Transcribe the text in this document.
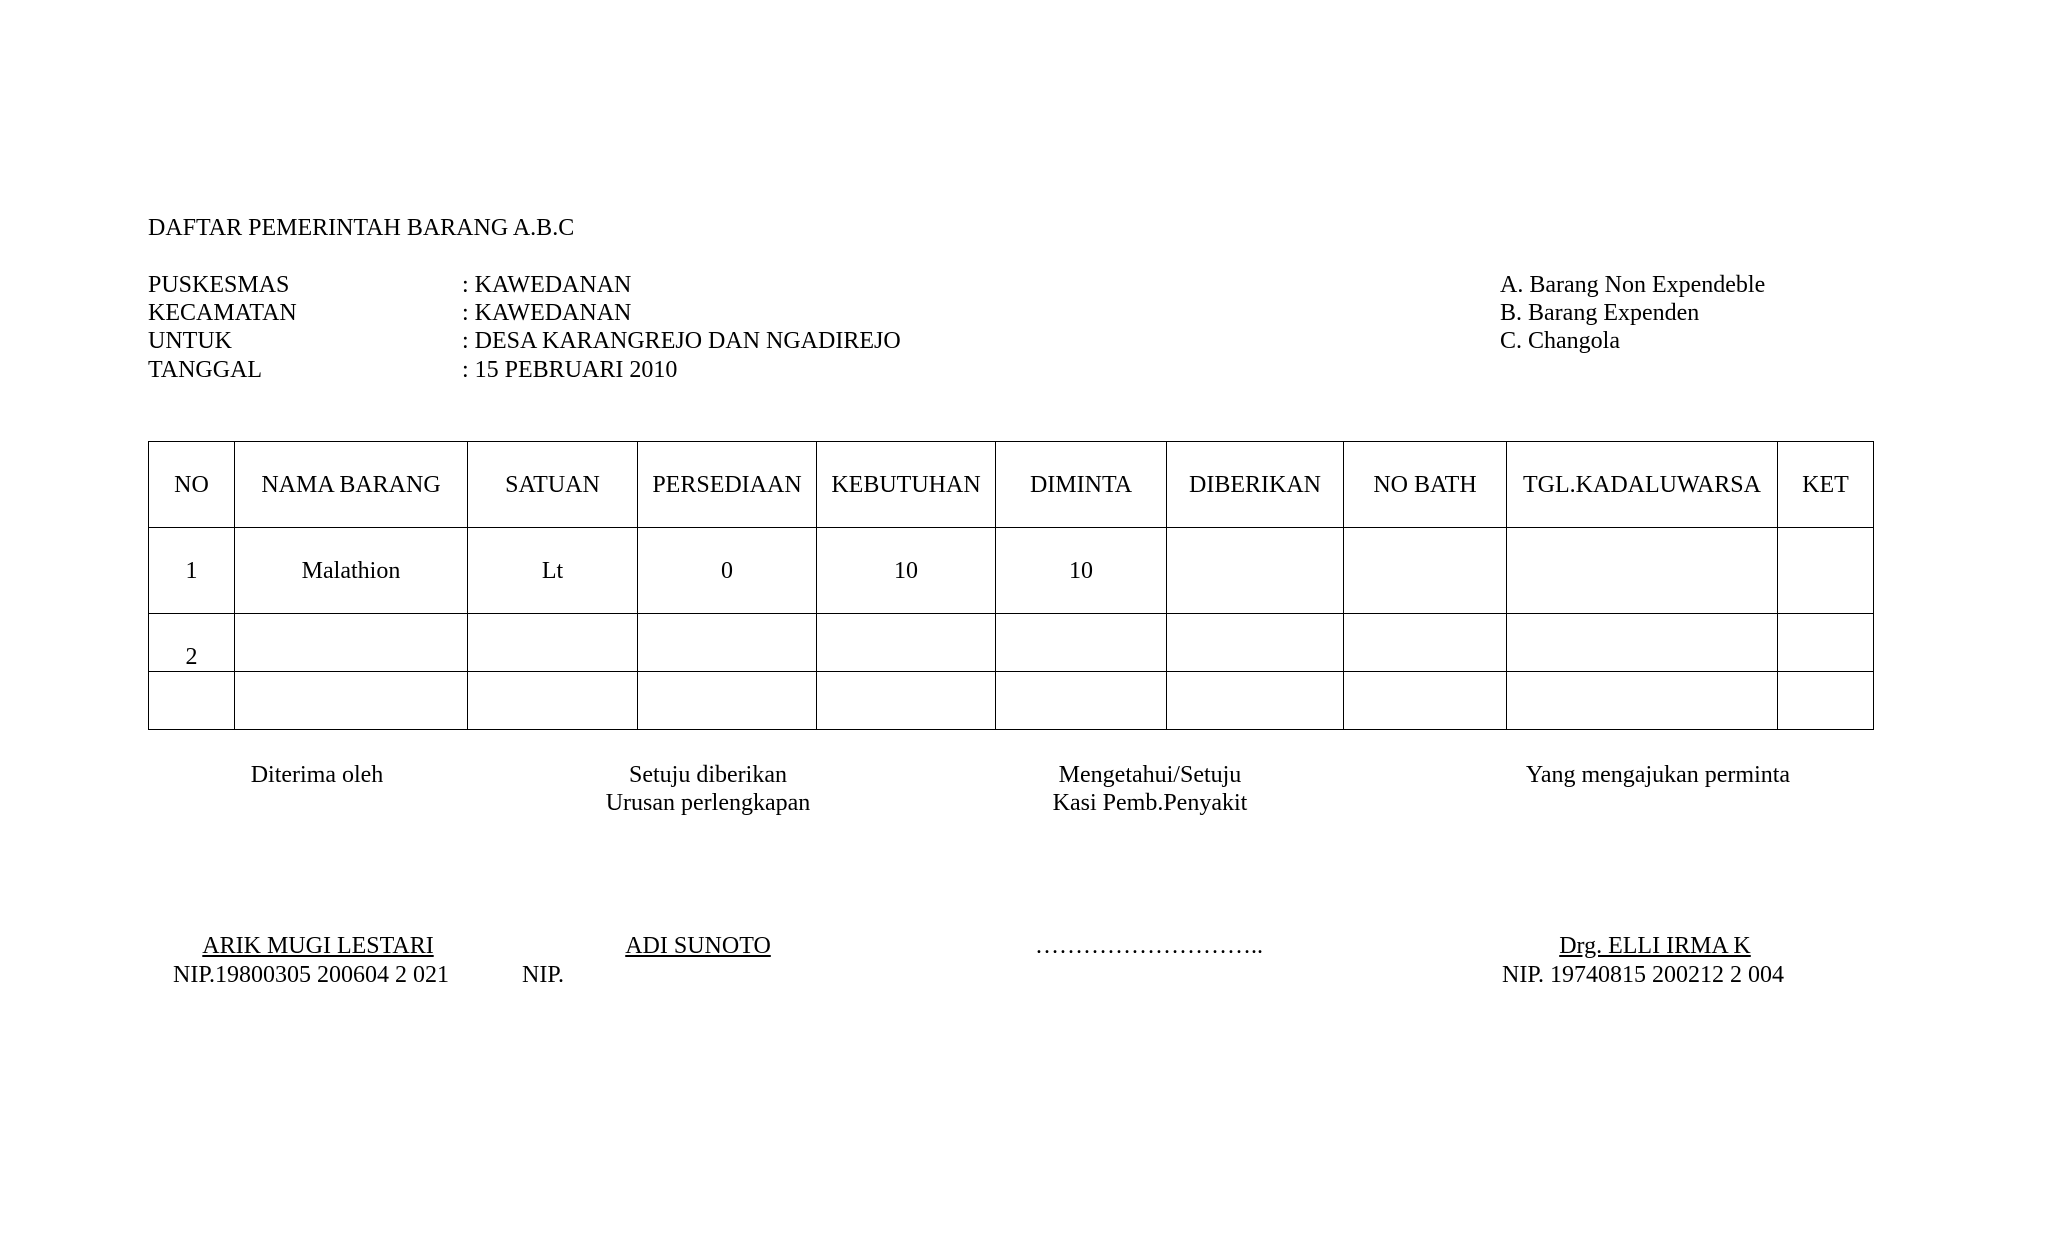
DAFTAR PEMERINTAH BARANG A.B.C
PUSKESMAS	: KAWEDANAN
KECAMATAN	: KAWEDANAN
UNTUK	: DESA KARANGREJO DAN NGADIREJO
TANGGAL	: 15 PEBRUARI 2010
A. Barang Non Expendeble
B. Barang Expenden
C. Changola
NO	NAMA BARANG	SATUAN	PERSEDIAAN	KEBUTUHAN	DIMINTA	DIBERIKAN	NO BATH	TGL.KADALUWARSA	KET
1	Malathion	Lt	0	10	10				
2									

Diterima oleh	Setuju diberikan
Urusan perlengkapan
Mengetahui/Setuju
Kasi Pemb.Penyakit
Yang mengajukan perminta
ARIK MUGI LESTARI
NIP.19800305 200604 2 021
ADI SUNOTO
NIP.
………………………..	Drg. ELLI IRMA K
NIP. 19740815 200212 2 004
